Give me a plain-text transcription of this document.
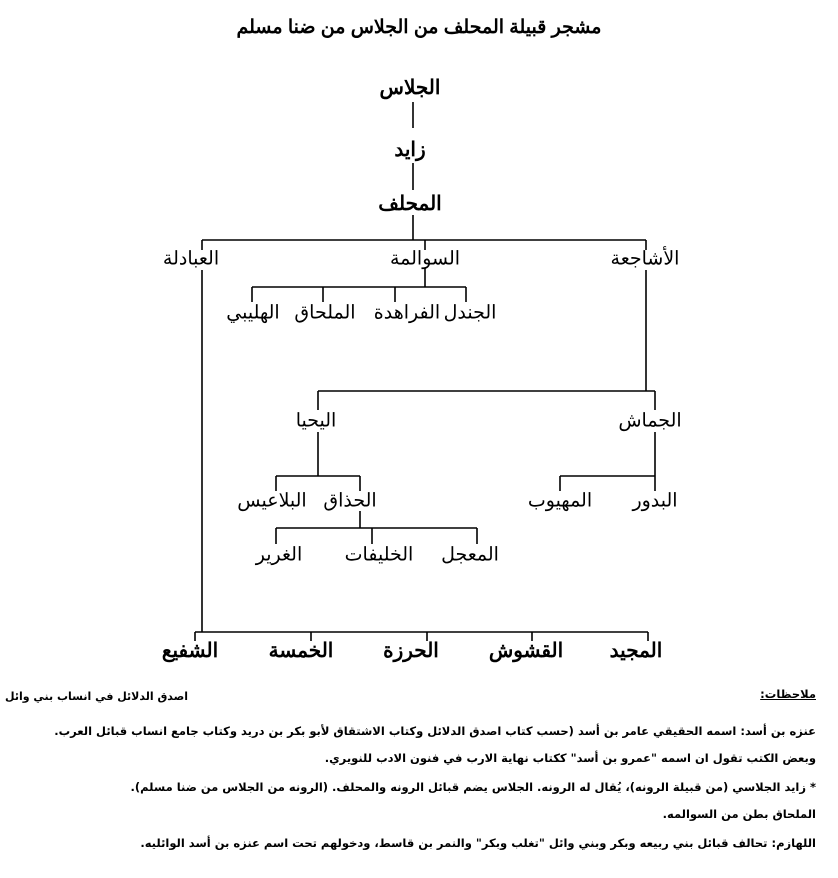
مشجر قبيلة المحلف من الجلاس من ضنا مسلم
الجلاس
زايد
المحلف
العبادلة	السوالمة	الأشاجعة
الجندل
الفراهدة
الملحاق
الهليبي
الجماش
اليحيا
البدور
المهيوب
الحذاق
البلاعيس
المعجل
الخليفات
الغرير
المجيد
القشوش
الحرزة
الخمسة
الشفيع
اصدق الدلائل في انساب بني وائل	ملاحظات:
عنزه بن أسد: اسمه الحقيقي عامر بن أسد (حسب كتاب اصدق الدلائل وكتاب الاشتقاق لأبو بكر بن دريد وكتاب جامع انساب قبائل العرب.
وبعض الكتب تقول ان اسمه "عمرو بن أسد" ككتاب نهاية الارب في فنون الادب للنويري.
* زايد الجلاسي (من قبيلة الرونه)، يُقال له الرونه. الجلاس يضم قبائل الرونه والمحلف. (الرونه من الجلاس من ضنا مسلم).
الملحاق بطن من السوالمه.
اللهازم: تحالف قبائل بني ربيعه وبكر وبني وائل "تغلب وبكر" والنمر بن قاسط، ودخولهم تحت اسم عنزه بن أسد الوائليه.
